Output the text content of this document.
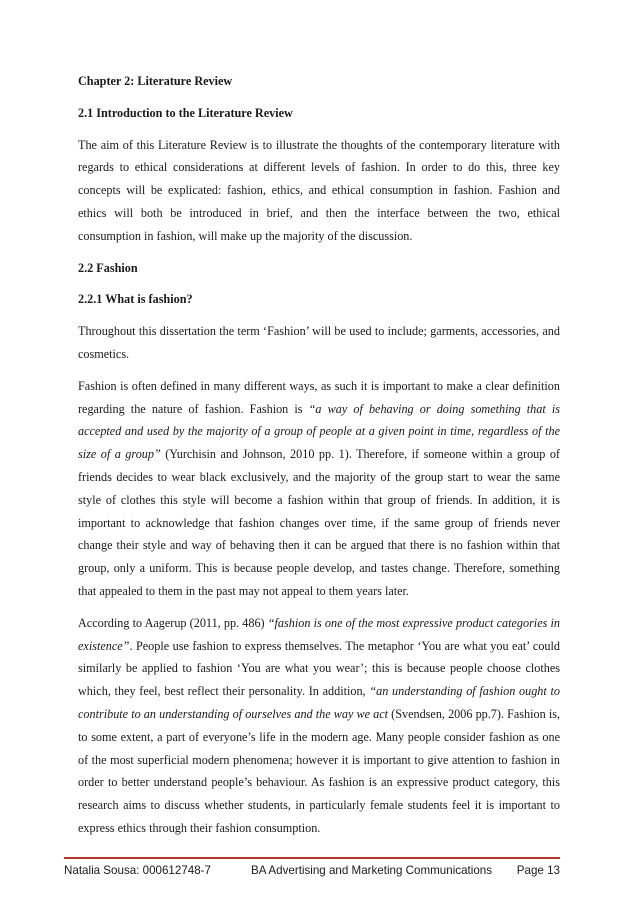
Chapter 2: Literature Review
2.1 Introduction to the Literature Review

The aim of this Literature Review is to illustrate the thoughts of the contemporary literature with regards to ethical considerations at different levels of fashion. In order to do this, three key concepts will be explicated: fashion, ethics, and ethical consumption in fashion. Fashion and ethics will both be introduced in brief, and then the interface between the two, ethical consumption in fashion, will make up the majority of the discussion.

2.2 Fashion
2.2.1 What is fashion?

Throughout this dissertation the term ‘Fashion’ will be used to include; garments, accessories, and cosmetics.

Fashion is often defined in many different ways, as such it is important to make a clear definition regarding the nature of fashion. Fashion is “a way of behaving or doing something that is accepted and used by the majority of a group of people at a given point in time, regardless of the size of a group” (Yurchisin and Johnson, 2010 pp. 1). Therefore, if someone within a group of friends decides to wear black exclusively, and the majority of the group start to wear the same style of clothes this style will become a fashion within that group of friends. In addition, it is important to acknowledge that fashion changes over time, if the same group of friends never change their style and way of behaving then it can be argued that there is no fashion within that group, only a uniform. This is because people develop, and tastes change. Therefore, something that appealed to them in the past may not appeal to them years later.

According to Aagerup (2011, pp. 486) “fashion is one of the most expressive product categories in existence”. People use fashion to express themselves. The metaphor ‘You are what you eat’ could similarly be applied to fashion ‘You are what you wear’; this is because people choose clothes which, they feel, best reflect their personality. In addition, “an understanding of fashion ought to contribute to an understanding of ourselves and the way we act (Svendsen, 2006 pp.7). Fashion is, to some extent, a part of everyone’s life in the modern age. Many people consider fashion as one of the most superficial modern phenomena; however it is important to give attention to fashion in order to better understand people’s behaviour. As fashion is an expressive product category, this research aims to discuss whether students, in particularly female students feel it is important to express ethics through their fashion consumption.

Natalia Sousa: 000612748-7	BA Advertising and Marketing Communications Page 13
